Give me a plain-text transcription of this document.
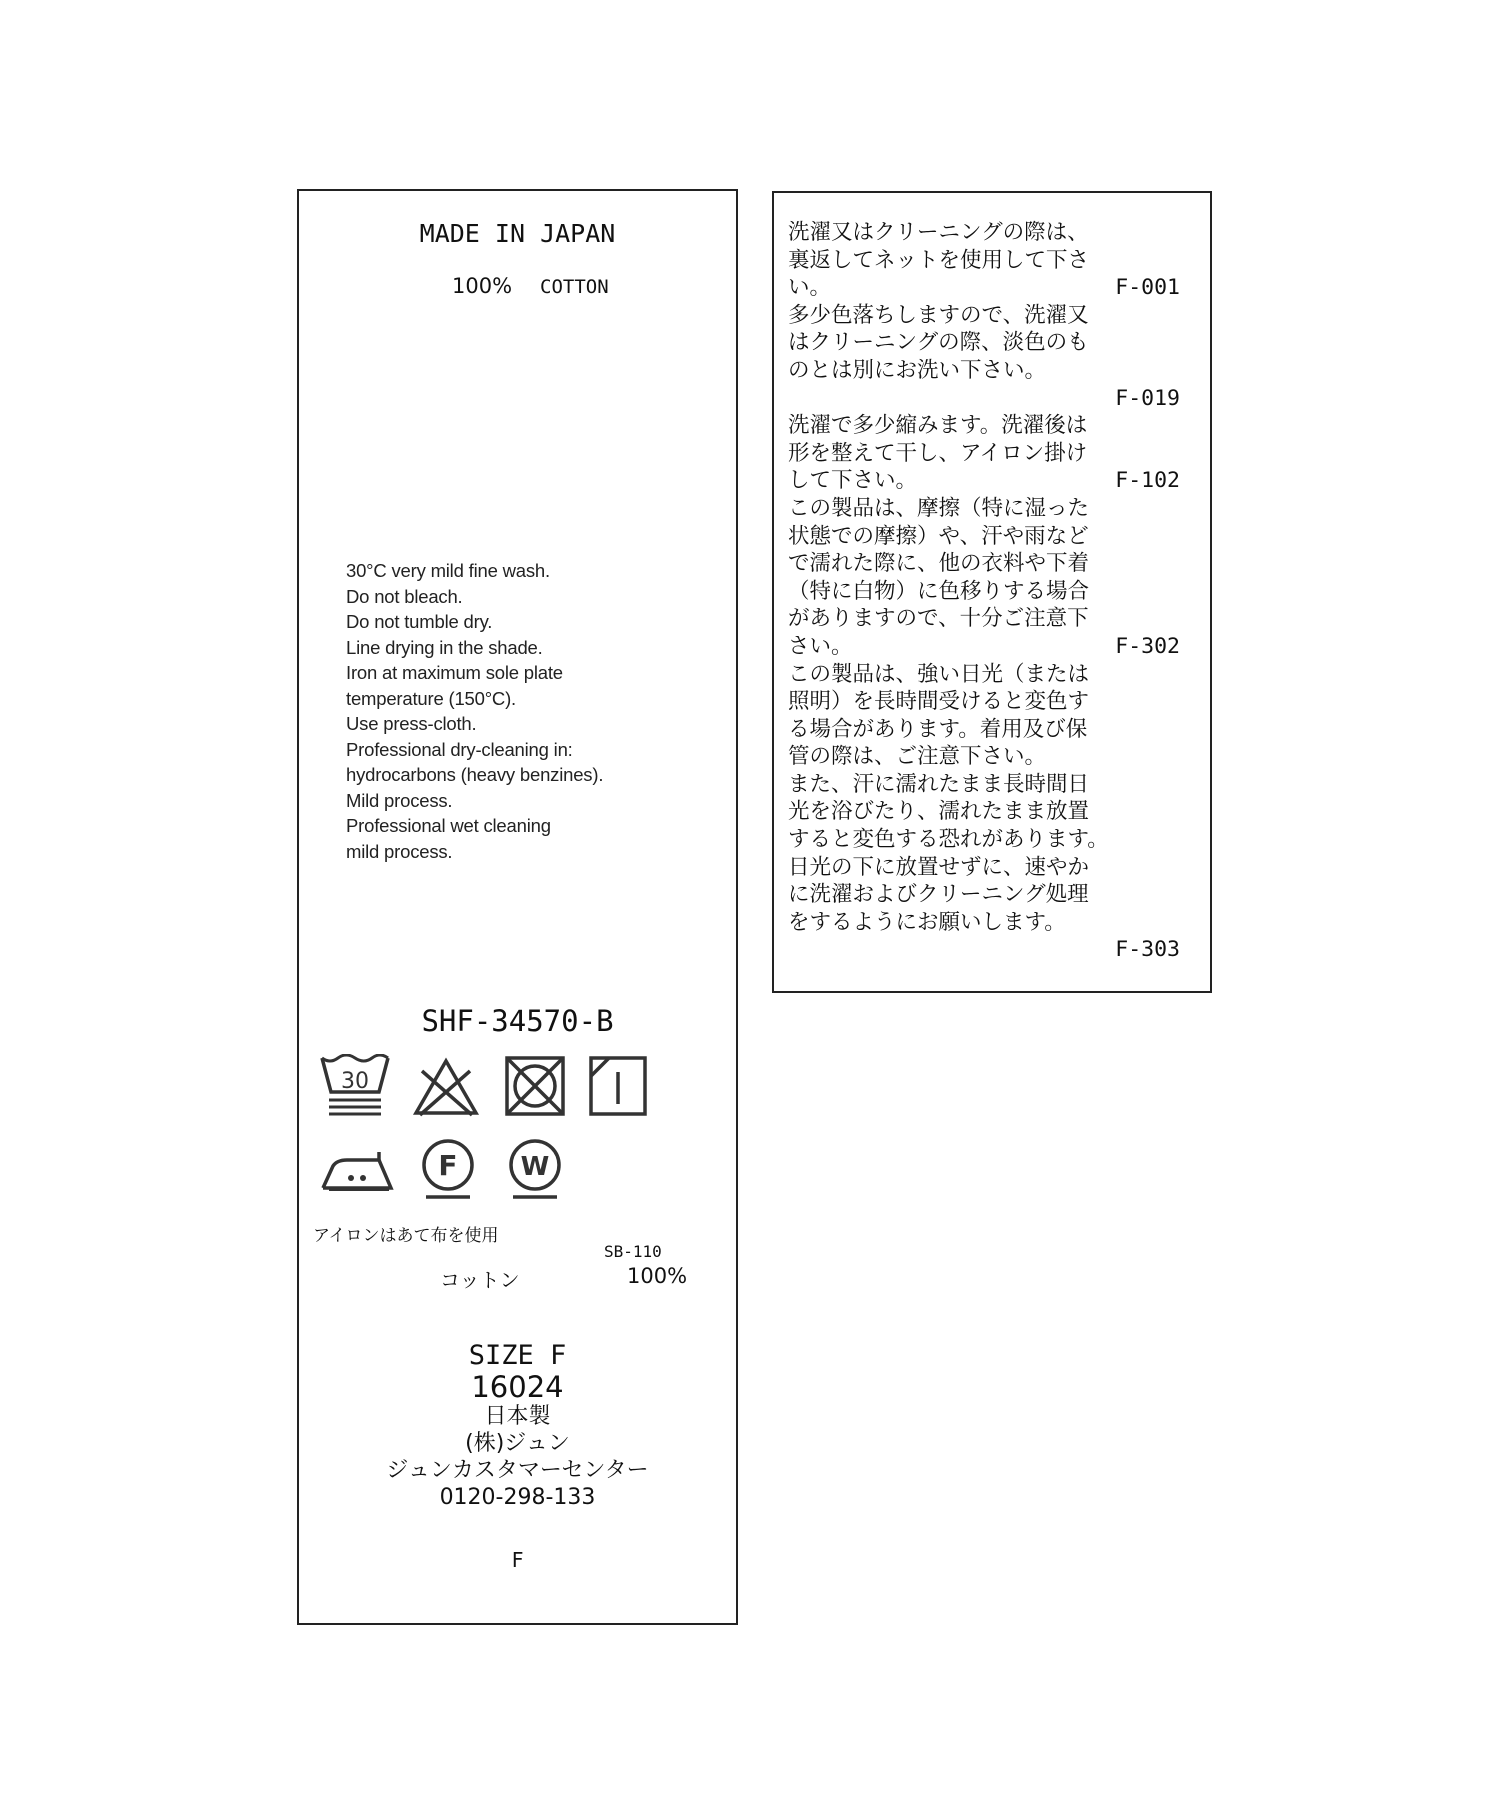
MADE IN JAPAN
100% COTTON
30°C very mild fine wash.
Do not bleach.
Do not tumble dry.
Line drying in the shade.
Iron at maximum sole plate
temperature (150°C).
Use press-cloth.
Professional dry-cleaning in:
hydrocarbons (heavy benzines).
Mild process.
Professional wet cleaning
mild process.
SHF-34570-B
30
F W
アイロンはあて布を使用
SB-110
コットン	100%
SIZE F
16024
日本製
(株)ジュン
ジュンカスタマーセンター
0120-298-133
F
洗濯又はクリーニングの際は、
裏返してネットを使用して下さ
い。	F-001
多少色落ちしますので、洗濯又
はクリーニングの際、淡色のも
のとは別にお洗い下さい。
F-019
洗濯で多少縮みます。洗濯後は
形を整えて干し、アイロン掛け
して下さい。	F-102
この製品は、摩擦（特に湿った
状態での摩擦）や、汗や雨など
で濡れた際に、他の衣料や下着
（特に白物）に色移りする場合
がありますので、十分ご注意下
さい。	F-302
この製品は、強い日光（または
照明）を長時間受けると変色す
る場合があります。着用及び保
管の際は、ご注意下さい。
また、汗に濡れたまま長時間日
光を浴びたり、濡れたまま放置
すると変色する恐れがあります。
日光の下に放置せずに、速やか
に洗濯およびクリーニング処理
をするようにお願いします。
F-303
